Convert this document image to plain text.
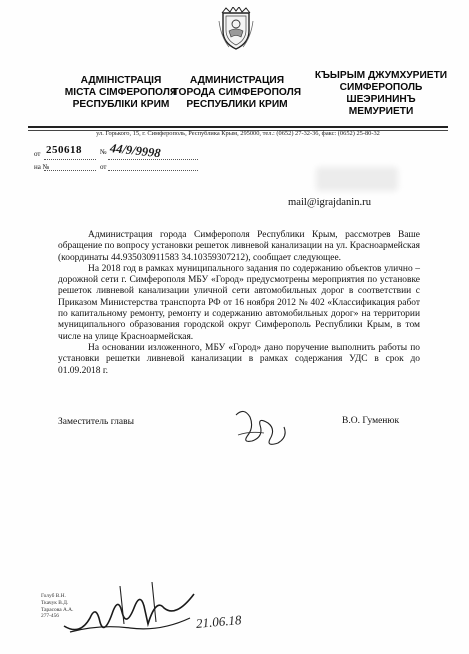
АДМІНІСТРАЦІЯ
МІСТА СІМФЕРОПОЛЯ
РЕСПУБЛІКИ КРИМ
АДМИНИСТРАЦИЯ
ГОРОДА СИМФЕРОПОЛЯ
РЕСПУБЛИКИ КРИМ
КЪЫРЫМ ДЖУМХУРИЕТИ
СИМФЕРОПОЛЬ
ШЕЭРИНИНЪ
МЕМУРИЕТИ
ул. Горького, 15, г. Симферополь, Республика Крым, 295000, тел.: (0652) 27-32-36, факс: (0652) 25-80-32
от 250618	№ 44/9/9998
на №	от
mail@igrajdanin.ru

Администрация города Симферополя Республики Крым, рассмотрев Ваше обращение по вопросу установки решеток ливневой канализации на ул. Красноармейская (координаты 44.935030911583 34.10359307212), сообщает следующее.

На 2018 год в рамках муниципального задания по содержанию объектов улично – дорожной сети г. Симферополя МБУ «Город» предусмотрены мероприятия по установке решеток ливневой канализации уличной сети автомобильных дорог в соответствии с Приказом Министерства транспорта РФ от 16 ноября 2012 № 402 «Классификация работ по капитальному ремонту, ремонту и содержанию автомобильных дорог» на территории муниципального образования городской округ Симферополь Республики Крым, в том числе на улице Красноармейская.

На основании изложенного, МБУ «Город» дано поручение выполнить работы по установки решетки ливневой канализации в рамках содержания УДС в срок до 01.09.2018 г.

Заместитель главы	В.О. Гуменюк
Голуб В.Н.
Ткачук В.Д.
Тарасова А.А.
277-456	21.06.18
